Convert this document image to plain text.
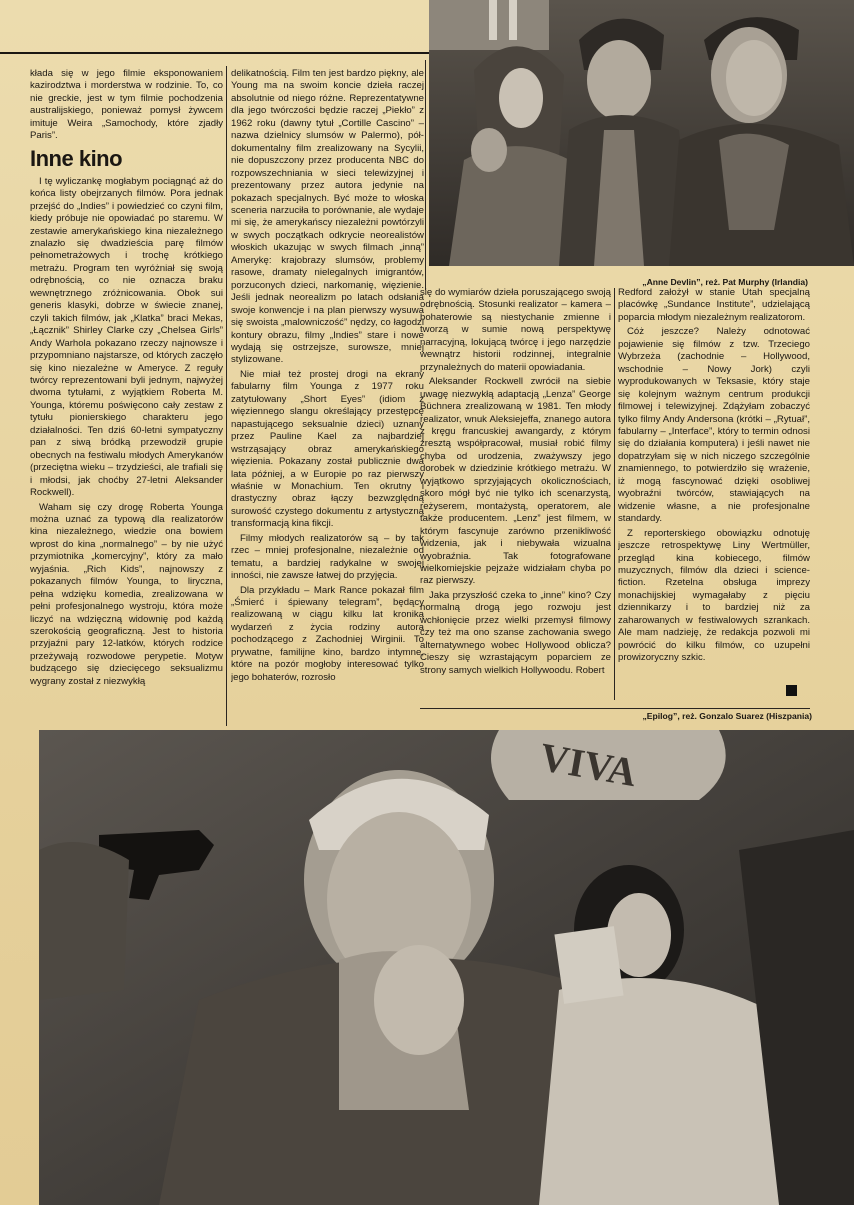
kłada się w jego filmie eksponowaniem kazirodztwa i morderstwa w rodzinie. To, co nie greckie, jest w tym filmie pochodzenia australijskiego, ponieważ pomysł żywcem imituje Weira „Samochody, które zjadły Paris”.

Inne kino

I tę wyliczankę mogłabym pociągnąć aż do końca listy obejrzanych filmów. Pora jednak przejść do „Indies” i powiedzieć co czyni film, kiedy próbuje nie opowiadać po staremu. W zestawie amerykańskiego kina niezależnego znalazło się dwadzieścia parę filmów pełnometrażowych i trochę krótkiego metrażu. Program ten wyróżniał się swoją odrębnością, co nie oznacza braku wewnętrznego zróżnicowania. Obok sui generis klasyki, dobrze w świecie znanej, czyli takich filmów, jak „Klatka” braci Mekas, „Łącznik” Shirley Clarke czy „Chelsea Girls” Andy Warhola pokazano rzeczy najnowsze i przypomniano najstarsze, od których zaczęło się kino niezależne w Ameryce. Z reguły twórcy reprezentowani byli jednym, najwyżej dwoma tytułami, z wyjątkiem Roberta M. Younga, któremu poświęcono cały zestaw z tytułu pionierskiego charakteru jego działalności. Ten dziś 60-letni sympatyczny pan z siwą bródką przewodził grupie obecnych na festiwalu młodych Amerykanów (przeciętna wieku – trzydzieści, ale trafiali się i młodsi, jak choćby 27-letni Aleksander Rockwell).

Waham się czy drogę Roberta Younga można uznać za typową dla realizatorów kina niezależnego, wiedzie ona bowiem wprost do kina „normalnego” – by nie użyć przymiotnika „komercyjny”, który za mało wyjaśnia. „Rich Kids”, najnowszy z pokazanych filmów Younga, to liryczna, pełna wdzięku komedia, zrealizowana w pełni profesjonalnego wystroju, która może liczyć na wdzięczną widownię pod każdą szerokością geograficzną. Jest to historia przyjaźni pary 12-latków, których rodzice przeżywają rozwodowe perypetie. Motyw budzącego się dziecięcego seksualizmu wygrany został z niezwykłą

delikatnością. Film ten jest bardzo piękny, ale Young ma na swoim koncie dzieła raczej absolutnie od niego różne. Reprezentatywne dla jego twórczości będzie raczej „Piekło” z 1962 roku (dawny tytuł „Cortille Cascino” – nazwa dzielnicy slumsów w Palermo), pół-dokumentalny film zrealizowany na Sycylii, nie dopuszczony przez producenta NBC do rozpowszechniania w sieci telewizyjnej i prezentowany przez autora jedynie na pokazach specjalnych. Być może to włoska sceneria narzuciła to porównanie, ale wydaje mi się, że amerykańscy niezależni powtórzyli w swych początkach odkrycie neorealistów włoskich ukazując w swych filmach „inną” Amerykę: krajobrazy slumsów, problemy rasowe, dramaty nielegalnych imigrantów, porzuconych dzieci, narkomanię, więzienie. Jeśli jednak neorealizm po latach odsłania swoje konwencje i na plan pierwszy wysuwa się swoista „malowniczość” nędzy, co łagodzi kontury obrazu, filmy „Indies” stare i nowe wydają się ostrzejsze, surowsze, mniej stylizowane.

Nie miał też prostej drogi na ekrany fabularny film Younga z 1977 roku zatytułowany „Short Eyes” (idiom z więziennego slangu określający przestępcę napastującego seksualnie dzieci) uznany przez Pauline Kael za najbardziej wstrząsający obraz amerykańskiego więzienia. Pokazany został publicznie dwa lata później, a w Europie po raz pierwszy właśnie w Monachium. Ten okrutny i drastyczny obraz łączy bezwzględną surowość czystego dokumentu z artystyczną transformacją kina fikcji.

Filmy młodych realizatorów są – by tak rzec – mniej profesjonalne, niezależnie od tematu, a bardziej radykalne w swojej inności, nie zawsze łatwej do przyjęcia.

Dla przykładu – Mark Rance pokazał film „Śmierć i śpiewany telegram”, będący realizowaną w ciągu kilku lat kroniką wydarzeń z życia rodziny autora pochodzącego z Zachodniej Wirginii. To prywatne, familijne kino, bardzo intymne, które na pozór mogłoby interesować tylko jego bohaterów, rozrosło

„Anne Devlin”, reż. Pat Murphy (Irlandia)

się do wymiarów dzieła poruszającego swoją odrębnością. Stosunki realizator – kamera – bohaterowie są niestychanie zmienne i tworzą w sumie nową perspektywę narracyjną, lokującą twórcę i jego narzędzie wewnątrz historii rodzinnej, integralnie przynależnych do materii opowiadania.

Aleksander Rockwell zwrócił na siebie uwagę niezwykłą adaptacją „Lenza” George Büchnera zrealizowaną w 1981. Ten młody realizator, wnuk Aleksiejeffa, znanego autora z kręgu francuskiej awangardy, z którym zresztą współpracował, musiał robić filmy chyba od urodzenia, zważywszy jego dorobek w dziedzinie krótkiego metrażu. W wyjątkowo sprzyjających okolicznościach, skoro mógł być nie tylko ich scenarzystą, reżyserem, montażystą, operatorem, ale także producentem. „Lenz” jest filmem, w którym fascynuje zarówno przenikliwość widzenia, jak i niebywała wizualna wyobraźnia. Tak fotografowane wielkomiejskie pejzaże widziałam chyba po raz pierwszy.

Jaka przyszłość czeka to „inne” kino? Czy normalną drogą jego rozwoju jest wchłonięcie przez wielki przemysł filmowy czy też ma ono szanse zachowania swego alternatywnego wobec Hollywood oblicza? Cieszy się wzrastającym poparciem ze strony samych wielkich Hollywoodu. Robert

Redford założył w stanie Utah specjalną placówkę „Sundance Institute”, udzielającą poparcia młodym niezależnym realizatorom.

Cóż jeszcze? Należy odnotować pojawienie się filmów z tzw. Trzeciego Wybrzeża (zachodnie – Hollywood, wschodnie – Nowy Jork) czyli wyprodukowanych w Teksasie, który staje się kolejnym ważnym centrum produkcji filmowej i telewizyjnej. Zdążyłam zobaczyć tylko filmy Andy Andersona (krótki – „Rytuał”, fabularny – „Interface”, który to termin odnosi się do działania komputera) i jeśli nawet nie dopatrzyłam się w nich niczego szczególnie znamiennego, to potwierdziło się wrażenie, iż mogą fascynować dzięki osobliwej wyobraźni twórców, stawiających na widzenie własne, a nie profesjonalne standardy.

Z reporterskiego obowiązku odnotuję jeszcze retrospektywę Liny Wertmüller, przegląd kina kobiecego, filmów muzycznych, filmów dla dzieci i science-fiction. Rzetelna obsługa imprezy monachijskiej wymagałaby z pięciu dziennikarzy i to bardziej niż za zaharowanych w festiwalowych szrankach. Ale mam nadzieję, że redakcja pozwoli mi powrócić do kilku filmów, co uzupełni prowizoryczny szkic.

„Epilog”, reż. Gonzalo Suarez (Hiszpania)
VIVA
